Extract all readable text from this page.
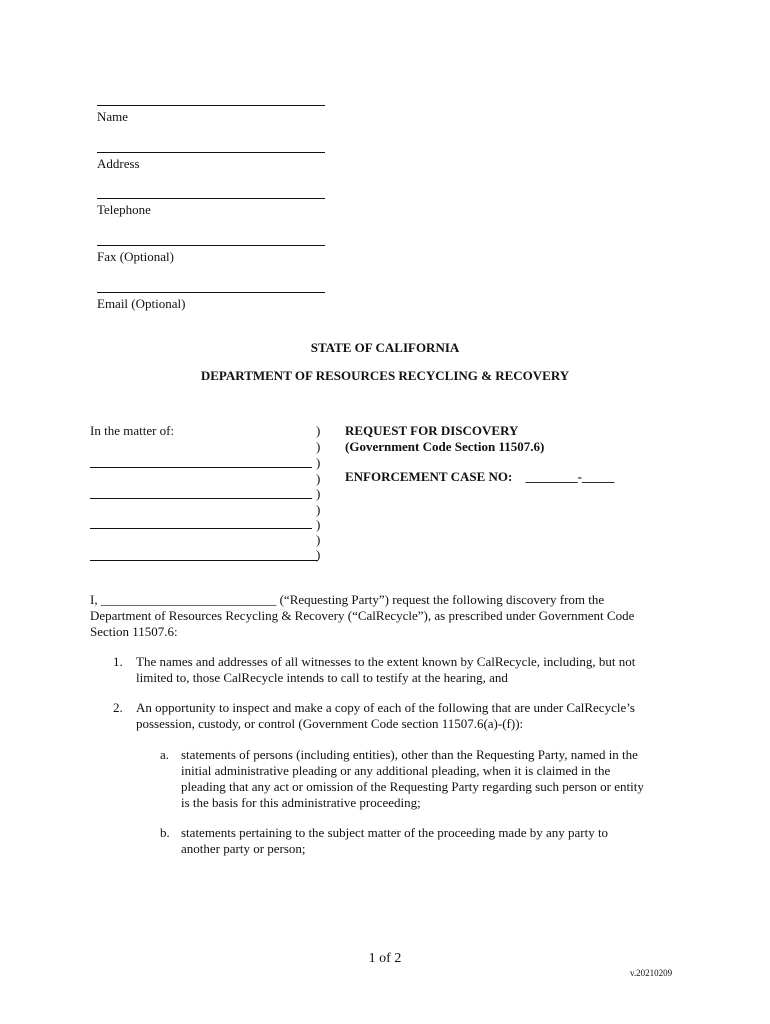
Name
Address
Telephone
Fax (Optional)
Email (Optional)
STATE OF CALIFORNIA
DEPARTMENT OF RESOURCES RECYCLING & RECOVERY
In the matter of:	)
)
)
)
)
)
)
)
)
REQUEST FOR DISCOVERY
(Government Code Section 11507.6)
ENFORCEMENT CASE NO: ________-_____
I, ___________________________ (“Requesting Party”) request the following discovery from the
Department of Resources Recycling & Recovery (“CalRecycle”), as prescribed under Government Code
Section 11507.6:
1. The names and addresses of all witnesses to the extent known by CalRecycle, including, but not
limited to, those CalRecycle intends to call to testify at the hearing, and
2. An opportunity to inspect and make a copy of each of the following that are under CalRecycle’s
possession, custody, or control (Government Code section 11507.6(a)-(f)):
a. statements of persons (including entities), other than the Requesting Party, named in the
initial administrative pleading or any additional pleading, when it is claimed in the
pleading that any act or omission of the Requesting Party regarding such person or entity
is the basis for this administrative proceeding;
b. statements pertaining to the subject matter of the proceeding made by any party to
another party or person;
1 of 2
v.20210209
